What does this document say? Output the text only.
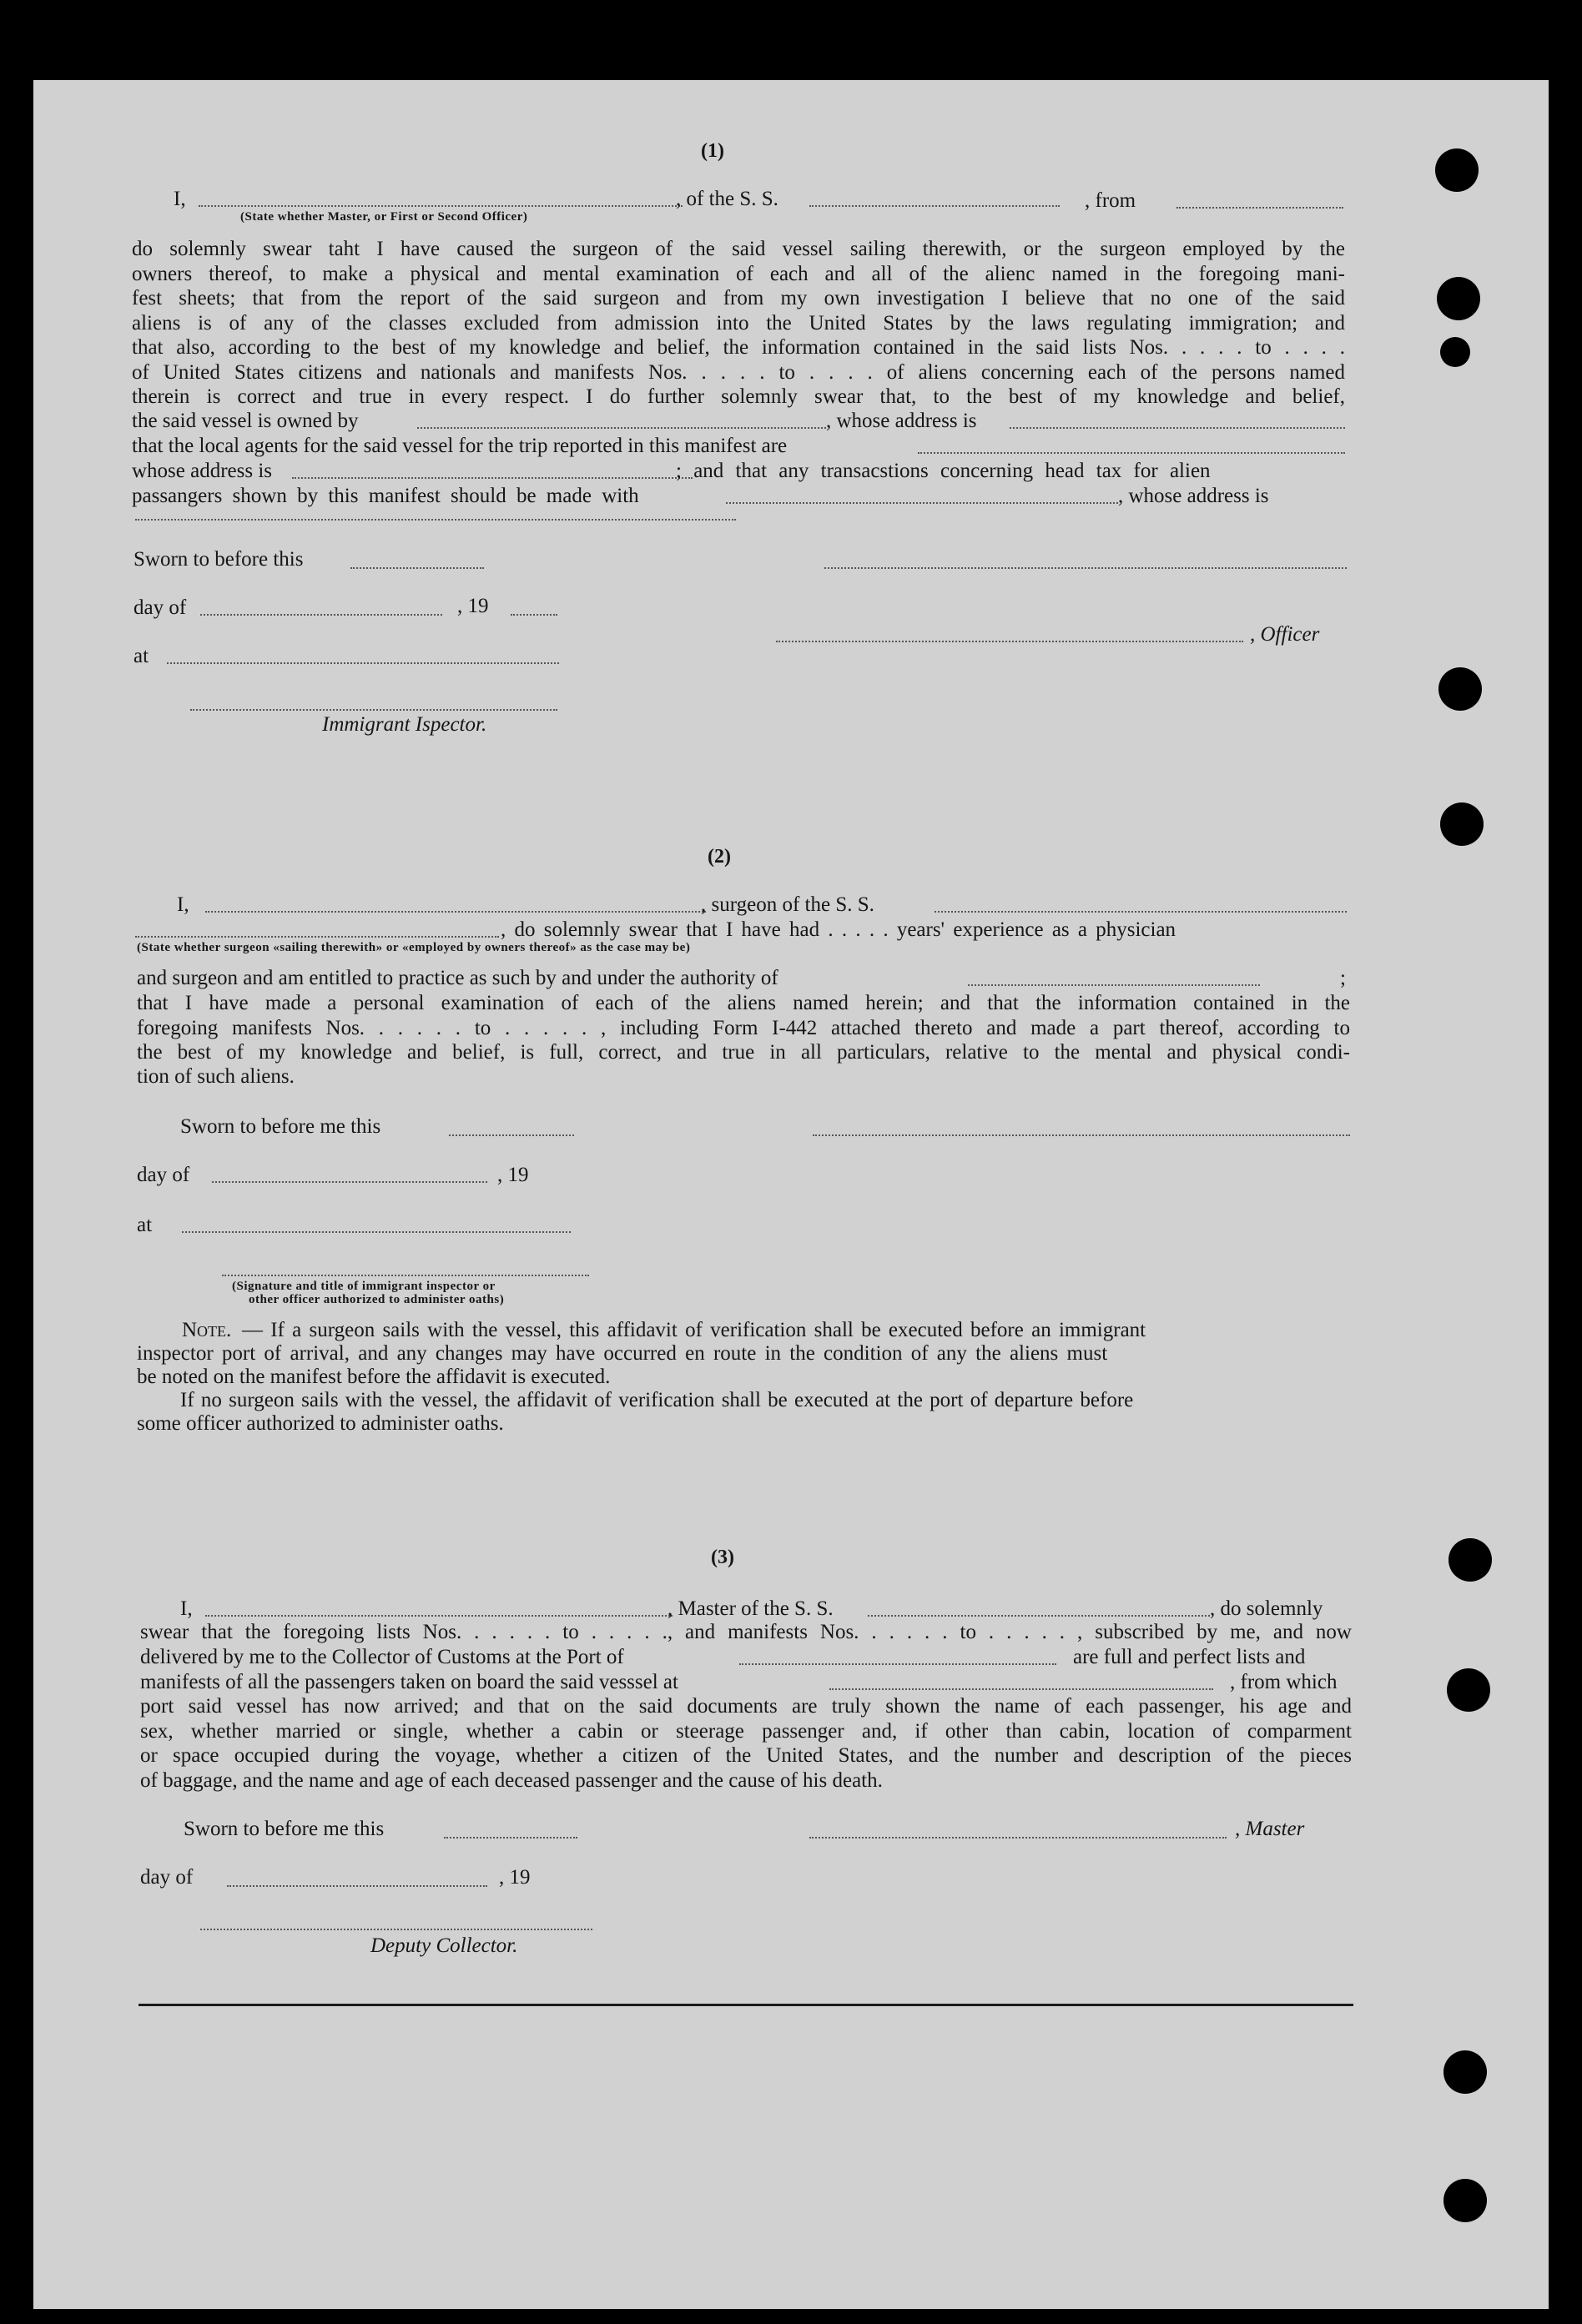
(1)
I,
(State whether Master, or First or Second Officer)
, of the S. S.	, from
do solemnly swear taht I have caused the surgeon of the said vessel sailing therewith, or the surgeon employed by the
owners thereof, to make a physical and mental examination of each and all of the alienc named in the foregoing mani-
fest sheets; that from the report of the said surgeon and from my own investigation I believe that no one of the said
aliens is of any of the classes excluded from admission into the United States by the laws regulating immigration; and
that also, according to the best of my knowledge and belief, the information contained in the said lists Nos. . . . . to . . . .
of United States citizens and nationals and manifests Nos. . . . . to . . . . of aliens concerning each of the persons named
therein is correct and true in every respect. I do further solemnly swear that, to the best of my knowledge and belief,
the said vessel is owned by	, whose address is
that the local agents for the said vessel for the trip reported in this manifest are
whose address is	; and that any transacstions concerning head tax for alien
passangers shown by this manifest should be made with	, whose address is
Sworn to before this
day of	, 19
, Officer
at
Immigrant Ispector.
(2)
I,	, surgeon of the S. S.
, do solemnly swear that I have had . . . . . years' experience as a physician
(State whether surgeon «sailing therewith» or «employed by owners thereof» as the case may be)
and surgeon and am entitled to practice as such by and under the authority of	;
that I have made a personal examination of each of the aliens named herein; and that the information contained in the
foregoing manifests Nos. . . . . . to . . . . . , including Form I-442 attached thereto and made a part thereof, according to
the best of my knowledge and belief, is full, correct, and true in all particulars, relative to the mental and physical condi-
tion of such aliens.
Sworn to before me this
day of	, 19
at
(Signature and title of immigrant inspector or
other officer authorized to administer oaths)
Note. — If a surgeon sails with the vessel, this affidavit of verification shall be executed before an immigrant
inspector port of arrival, and any changes may have occurred en route in the condition of any the aliens must
be noted on the manifest before the affidavit is executed.
If no surgeon sails with the vessel, the affidavit of verification shall be executed at the port of departure before
some officer authorized to administer oaths.
(3)
I,	, Master of the S. S.	, do solemnly
swear that the foregoing lists Nos. . . . . . to . . . . ., and manifests Nos. . . . . . to . . . . . , subscribed by me, and now
delivered by me to the Collector of Customs at the Port of	are full and perfect lists and
manifests of all the passengers taken on board the said vesssel at	, from which
port said vessel has now arrived; and that on the said documents are truly shown the name of each passenger, his age and
sex, whether married or single, whether a cabin or steerage passenger and, if other than cabin, location of comparment
or space occupied during the voyage, whether a citizen of the United States, and the number and description of the pieces
of baggage, and the name and age of each deceased passenger and the cause of his death.
Sworn to before me this	, Master
day of	, 19
Deputy Collector.
